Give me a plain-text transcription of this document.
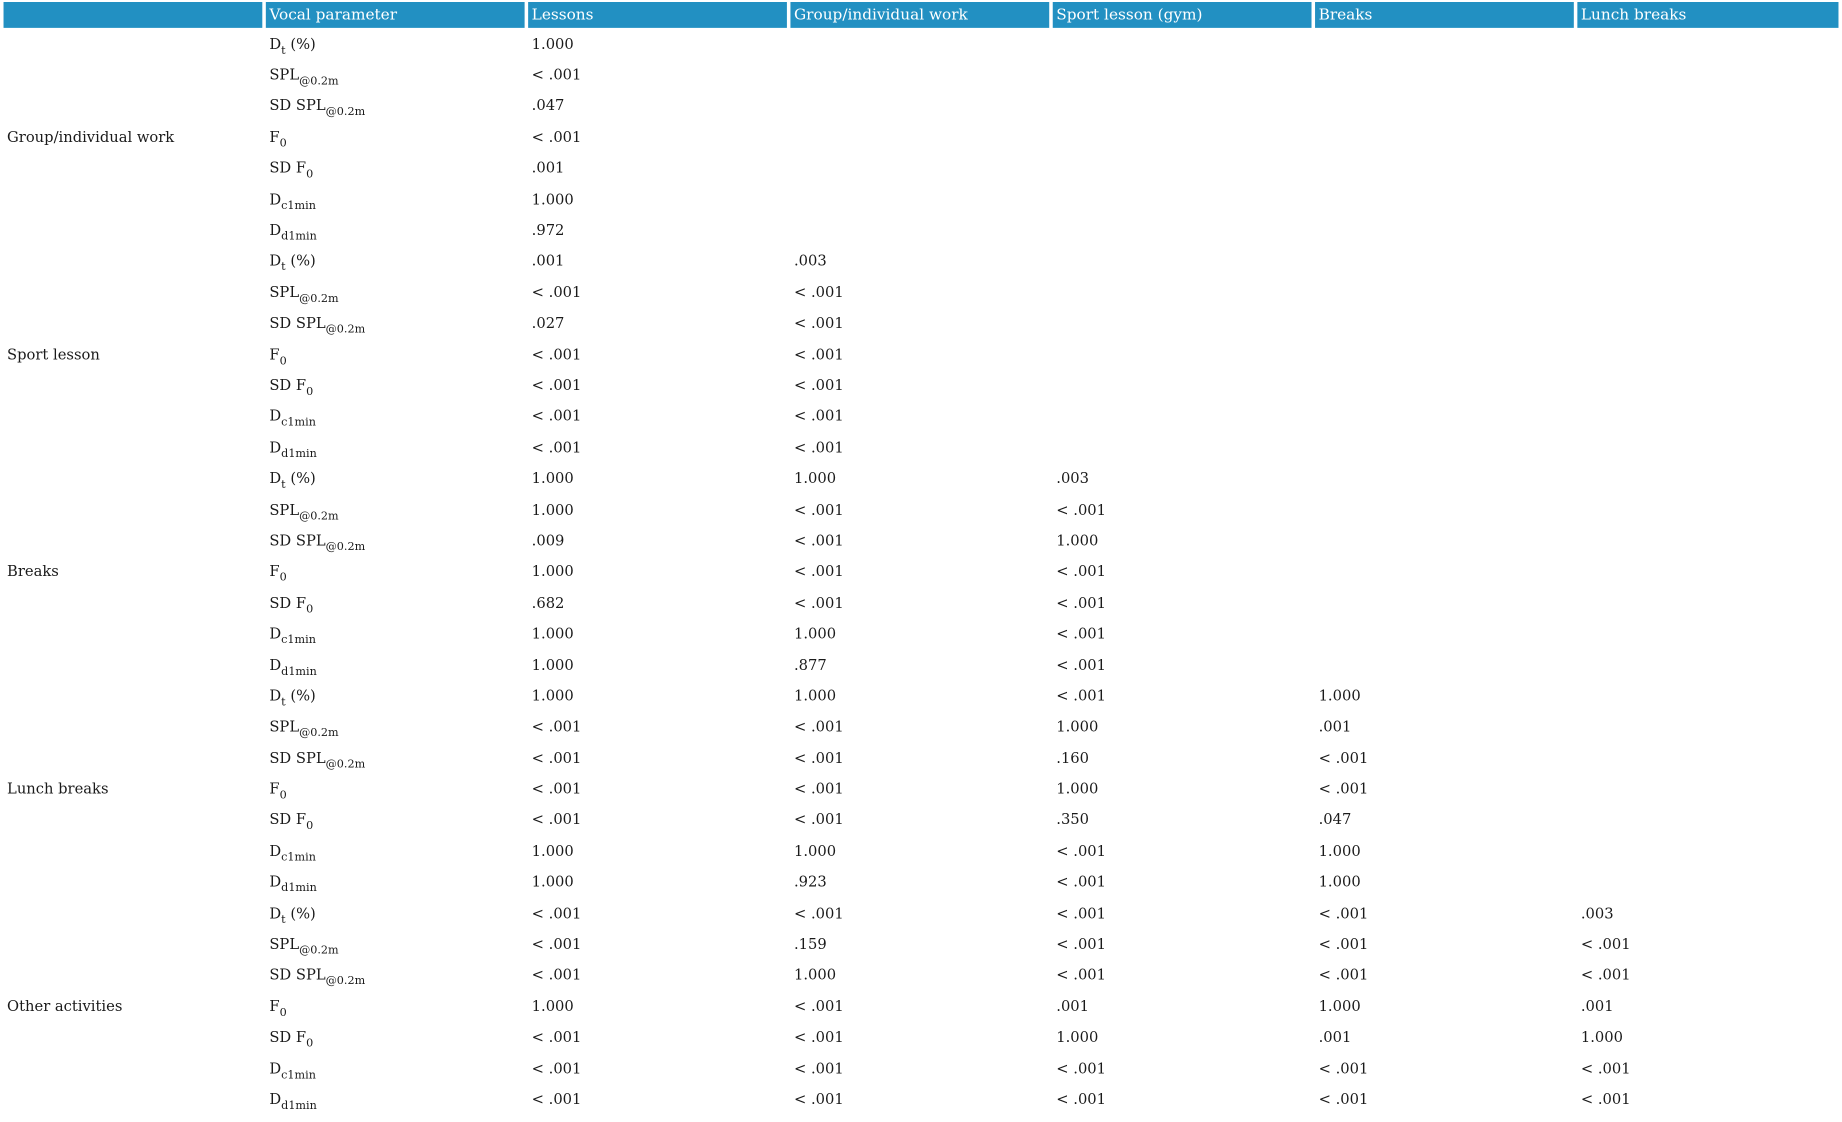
	Vocal parameter	Lessons	Group/individual work	Sport lesson (gym)	Breaks	Lunch breaks
	$D_t$ (%)	1.000				
	$SPL_{@0.2m}$	< .001				
	SD $SPL_{@0.2m}$	.047				
Group/individual work	$F_0$	< .001				
	SD $F_0$	.001				
	$D_{c1min}$	1.000				
	$D_{d1min}$	.972				
	$D_t$ (%)	.001	.003			
	$SPL_{@0.2m}$	< .001	< .001			
	SD $SPL_{@0.2m}$	.027	< .001			
Sport lesson	$F_0$	< .001	< .001			
	SD $F_0$	< .001	< .001			
	$D_{c1min}$	< .001	< .001			
	$D_{d1min}$	< .001	< .001			
	$D_t$ (%)	1.000	1.000	.003		
	$SPL_{@0.2m}$	1.000	< .001	< .001		
	SD $SPL_{@0.2m}$	.009	< .001	1.000		
Breaks	$F_0$	1.000	< .001	< .001		
	SD $F_0$	.682	< .001	< .001		
	$D_{c1min}$	1.000	1.000	< .001		
	$D_{d1min}$	1.000	.877	< .001		
	$D_t$ (%)	1.000	1.000	< .001	1.000	
	$SPL_{@0.2m}$	< .001	< .001	1.000	.001	
	SD $SPL_{@0.2m}$	< .001	< .001	.160	< .001	
Lunch breaks	$F_0$	< .001	< .001	1.000	< .001	
	SD $F_0$	< .001	< .001	.350	.047	
	$D_{c1min}$	1.000	1.000	< .001	1.000	
	$D_{d1min}$	1.000	.923	< .001	1.000	
	$D_t$ (%)	< .001	< .001	< .001	< .001	.003
	$SPL_{@0.2m}$	< .001	.159	< .001	< .001	< .001
	SD $SPL_{@0.2m}$	< .001	1.000	< .001	< .001	< .001
Other activities	$F_0$	1.000	< .001	.001	1.000	.001
	SD $F_0$	< .001	< .001	1.000	.001	1.000
	$D_{c1min}$	< .001	< .001	< .001	< .001	< .001
	$D_{d1min}$	< .001	< .001	< .001	< .001	< .001
